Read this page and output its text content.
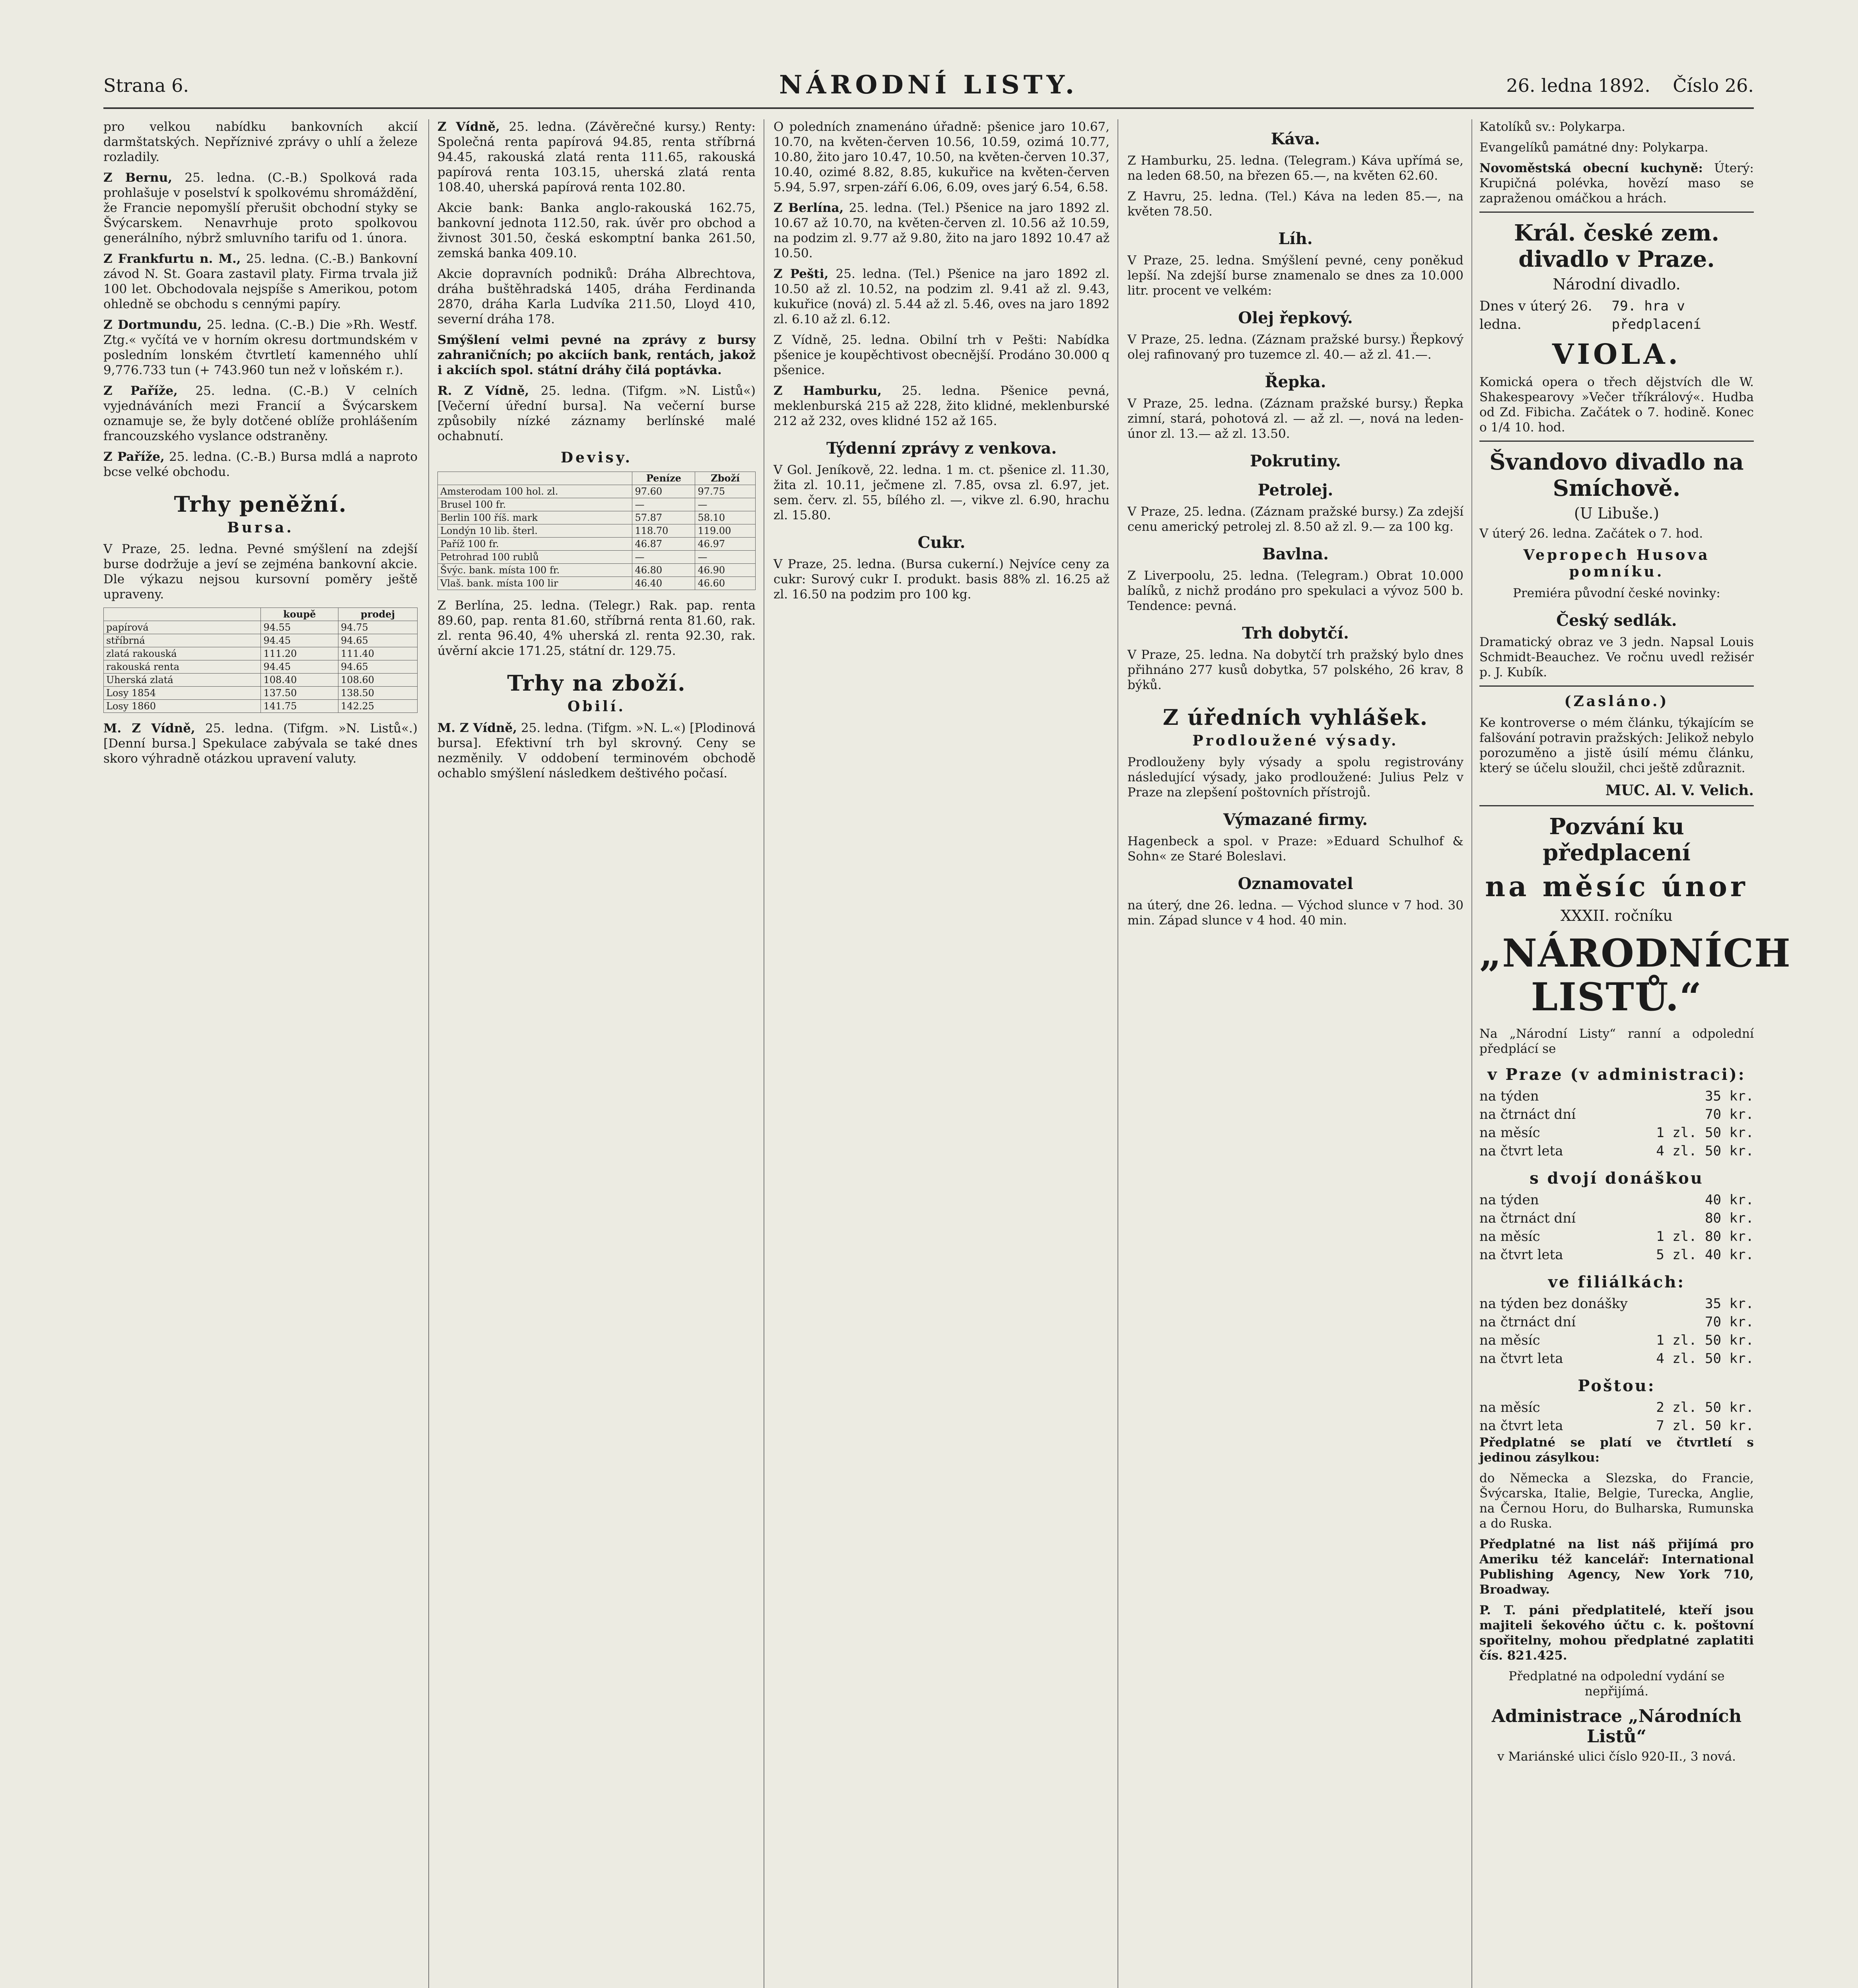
Strana 6.	NÁRODNÍ LISTY.	26. ledna 1892. Číslo 26.

pro velkou nabídku bankovních akcií darmštatských. Nepříznivé zprávy o uhlí a železe rozladily.

Z Bernu, 25. ledna. (C.-B.) Spolková rada prohlašuje v poselství k spolkovému shromáždění, že Francie nepomyšlí přerušit obchodní styky se Švýcarskem. Nenavrhuje proto spolkovou generálního, nýbrž smluvního tarifu od 1. února.

Z Frankfurtu n. M., 25. ledna. (C.-B.) Bankovní závod N. St. Goara zastavil platy. Firma trvala již 100 let. Obchodovala nejspíše s Amerikou, potom ohledně se obchodu s cennými papíry.

Z Dortmundu, 25. ledna. (C.-B.) Die »Rh. Westf. Ztg.« vyčítá ve v horním okresu dortmundském v posledním lonském čtvrtletí kamenného uhlí 9,776.733 tun (+ 743.960 tun než v loňském r.).

Z Paříže, 25. ledna. (C.-B.) V celních vyjednáváních mezi Francií a Švýcarskem oznamuje se, že byly dotčené oblíže prohlášením francouzského vyslance odstraněny.

Z Paříže, 25. ledna. (C.-B.) Bursa mdlá a naproto bcse velké obchodu.

Trhy peněžní.
Bursa.

V Praze, 25. ledna. Pevné smýšlení na zdejší burse dodržuje a jeví se zejména bankovní akcie. Dle výkazu nejsou kursovní poměry ještě upraveny.

	koupě	prodej
papírová	94.55	94.75
stříbrná	94.45	94.65
zlatá rakouská	111.20	111.40
rakouská renta	94.45	94.65
Uherská zlatá	108.40	108.60
Losy 1854	137.50	138.50
Losy 1860	141.75	142.25

M. Z Vídně, 25. ledna. (Tifgm. »N. Listů«.) [Denní bursa.] Spekulace zabývala se také dnes skoro výhradně otázkou upravení valuty.

Z Vídně, 25. ledna. (Závěrečné kursy.) Renty: Společná renta papírová 94.85, renta stříbrná 94.45, rakouská zlatá renta 111.65, rakouská papírová renta 103.15, uherská zlatá renta 108.40, uherská papírová renta 102.80.

Akcie bank: Banka anglo-rakouská 162.75, bankovní jednota 112.50, rak. úvěr pro obchod a živnost 301.50, česká eskomptní banka 261.50, zemská banka 409.10.

Akcie dopravních podniků: Dráha Albrechtova, dráha buštěhradská 1405, dráha Ferdinanda 2870, dráha Karla Ludvíka 211.50, Lloyd 410, severní dráha 178.

Smýšlení velmi pevné na zprávy z bursy zahraničních; po akciích bank, rentách, jakož i akciích spol. státní dráhy čilá poptávka.

R. Z Vídně, 25. ledna. (Tifgm. »N. Listů«) [Večerní úřední bursa]. Na večerní burse způsobily nízké záznamy berlínské malé ochabnutí.

Devisy.
	Peníze	Zboží
Amsterodam 100 hol. zl.	97.60	97.75
Brusel 100 fr.	—	—
Berlin 100 říš. mark	57.87	58.10
Londýn 10 lib. šterl.	118.70	119.00
Paříž 100 fr.	46.87	46.97
Petrohrad 100 rublů	—	—
Švýc. bank. místa 100 fr.	46.80	46.90
Vlaš. bank. místa 100 lir	46.40	46.60

Z Berlína, 25. ledna. (Telegr.) Rak. pap. renta 89.60, pap. renta 81.60, stříbrná renta 81.60, rak. zl. renta 96.40, 4% uherská zl. renta 92.30, rak. úvěrní akcie 171.25, státní dr. 129.75.

Trhy na zboží.
Obilí.

M. Z Vídně, 25. ledna. (Tifgm. »N. L.«) [Plodinová bursa]. Efektivní trh byl skrovný. Ceny se nezměnily. V oddobení terminovém obchodě ochablo smýšlení následkem deštivého počasí.

O poledních znamenáno úřadně: pšenice jaro 10.67, 10.70, na květen-červen 10.56, 10.59, ozimá 10.77, 10.80, žito jaro 10.47, 10.50, na květen-červen 10.37, 10.40, ozimé 8.82, 8.85, kukuřice na květen-červen 5.94, 5.97, srpen-září 6.06, 6.09, oves jarý 6.54, 6.58.

Z Berlína, 25. ledna. (Tel.) Pšenice na jaro 1892 zl. 10.67 až 10.70, na květen-červen zl. 10.56 až 10.59, na podzim zl. 9.77 až 9.80, žito na jaro 1892 10.47 až 10.50.

Z Pešti, 25. ledna. (Tel.) Pšenice na jaro 1892 zl. 10.50 až zl. 10.52, na podzim zl. 9.41 až zl. 9.43, kukuřice (nová) zl. 5.44 až zl. 5.46, oves na jaro 1892 zl. 6.10 až zl. 6.12.

Z Vídně, 25. ledna. Obilní trh v Pešti: Nabídka pšenice je koupěchtivost obecnější. Prodáno 30.000 q pšenice.

Z Hamburku, 25. ledna. Pšenice pevná, meklenburská 215 až 228, žito klidné, meklenburské 212 až 232, oves klidné 152 až 165.

Týdenní zprávy z venkova.

V Gol. Jeníkově, 22. ledna. 1 m. ct. pšenice zl. 11.30, žita zl. 10.11, ječmene zl. 7.85, ovsa zl. 6.97, jet. sem. červ. zl. 55, bílého zl. —, vikve zl. 6.90, hrachu zl. 15.80.

Cukr.

V Praze, 25. ledna. (Bursa cukerní.) Nejvíce ceny za cukr: Surový cukr I. produkt. basis 88% zl. 16.25 až zl. 16.50 na podzim pro 100 kg.

Káva.

Z Hamburku, 25. ledna. (Telegram.) Káva upřímá se, na leden 68.50, na březen 65.—, na květen 62.60.

Z Havru, 25. ledna. (Tel.) Káva na leden 85.—, na květen 78.50.

Líh.

V Praze, 25. ledna. Smýšlení pevné, ceny poněkud lepší. Na zdejší burse znamenalo se dnes za 10.000 litr. procent ve velkém:

Olej řepkový.

V Praze, 25. ledna. (Záznam pražské bursy.) Řepkový olej rafinovaný pro tuzemce zl. 40.— až zl. 41.—.

Řepka.

V Praze, 25. ledna. (Záznam pražské bursy.) Řepka zimní, stará, pohotová zl. — až zl. —, nová na leden-únor zl. 13.— až zl. 13.50.

Pokrutiny.
Petrolej.

V Praze, 25. ledna. (Záznam pražské bursy.) Za zdejší cenu americký petrolej zl. 8.50 až zl. 9.— za 100 kg.

Bavlna.

Z Liverpoolu, 25. ledna. (Telegram.) Obrat 10.000 balíků, z nichž prodáno pro spekulaci a vývoz 500 b. Tendence: pevná.

Trh dobytčí.

V Praze, 25. ledna. Na dobytčí trh pražský bylo dnes přihnáno 277 kusů dobytka, 57 polského, 26 krav, 8 býků.

Z úředních vyhlášek.
Prodloužené výsady.

Prodlouženy byly výsady a spolu registrovány následující výsady, jako prodloužené: Julius Pelz v Praze na zlepšení poštovních přístrojů.

Výmazané firmy.

Hagenbeck a spol. v Praze: »Eduard Schulhof & Sohn« ze Staré Boleslavi.

Oznamovatel

na úterý, dne 26. ledna. — Východ slunce v 7 hod. 30 min. Západ slunce v 4 hod. 40 min.

Katolíků sv.: Polykarpa.

Evangelíků památné dny: Polykarpa.

Novoměstská obecní kuchyně: Úterý: Krupičná polévka, hovězí maso se zapraženou omáčkou a hrách.

Král. české zem. divadlo v Praze.
Národní divadlo.
Dnes v úterý 26. ledna.
79. hra v předplacení
VIOLA.

Komická opera o třech dějstvích dle W. Shakespearovy »Večer tříkrálový«. Hudba od Zd. Fibicha. Začátek o 7. hodině. Konec o 1/4 10. hod.

Švandovo divadlo na Smíchově.
(U Libuše.)

V úterý 26. ledna. Začátek o 7. hod.

Vepropech Husova pomníku.

Premiéra původní české novinky:

Český sedlák.

Dramatický obraz ve 3 jedn. Napsal Louis Schmidt-Beauchez. Ve ročnu uvedl režisér p. J. Kubík.

(Zasláno.)

Ke kontroverse o mém článku, týkajícím se falšování potravin pražských: Jelikož nebylo porozuměno a jistě úsilí mému článku, který se účelu sloužil, chci ještě zdůraznit.

MUC. Al. V. Velich.
Pozvání ku předplacení
na měsíc únor
XXXII. ročníku
„NÁRODNÍCH LISTŮ.“

Na „Národní Listy“ ranní a odpolední předplácí se

v Praze (v administraci):
na týden	35 kr.
na čtrnáct dní	70 kr.
na měsíc	1 zl. 50 kr.
na čtvrt leta	4 zl. 50 kr.
s dvojí donáškou
na týden	40 kr.
na čtrnáct dní	80 kr.
na měsíc	1 zl. 80 kr.
na čtvrt leta	5 zl. 40 kr.
ve filiálkách:
na týden bez donášky	35 kr.
na čtrnáct dní	70 kr.
na měsíc	1 zl. 50 kr.
na čtvrt leta	4 zl. 50 kr.
Poštou:
na měsíc	2 zl. 50 kr.
na čtvrt leta	7 zl. 50 kr.

Předplatné se platí ve čtvrtletí s jedinou zásylkou:

do Německa a Slezska, do Francie, Švýcarska, Italie, Belgie, Turecka, Anglie, na Černou Horu, do Bulharska, Rumunska a do Ruska.

Předplatné na list náš přijímá pro Ameriku též kancelář: International Publishing Agency, New York 710, Broadway.

P. T. páni předplatitelé, kteří jsou majiteli šekového účtu c. k. poštovní spořitelny, mohou předplatné zaplatiti čís. 821.425.

Předplatné na odpolední vydání se nepřijímá.

Administrace „Národních Listů“

v Mariánské ulici číslo 920-II., 3 nová.
